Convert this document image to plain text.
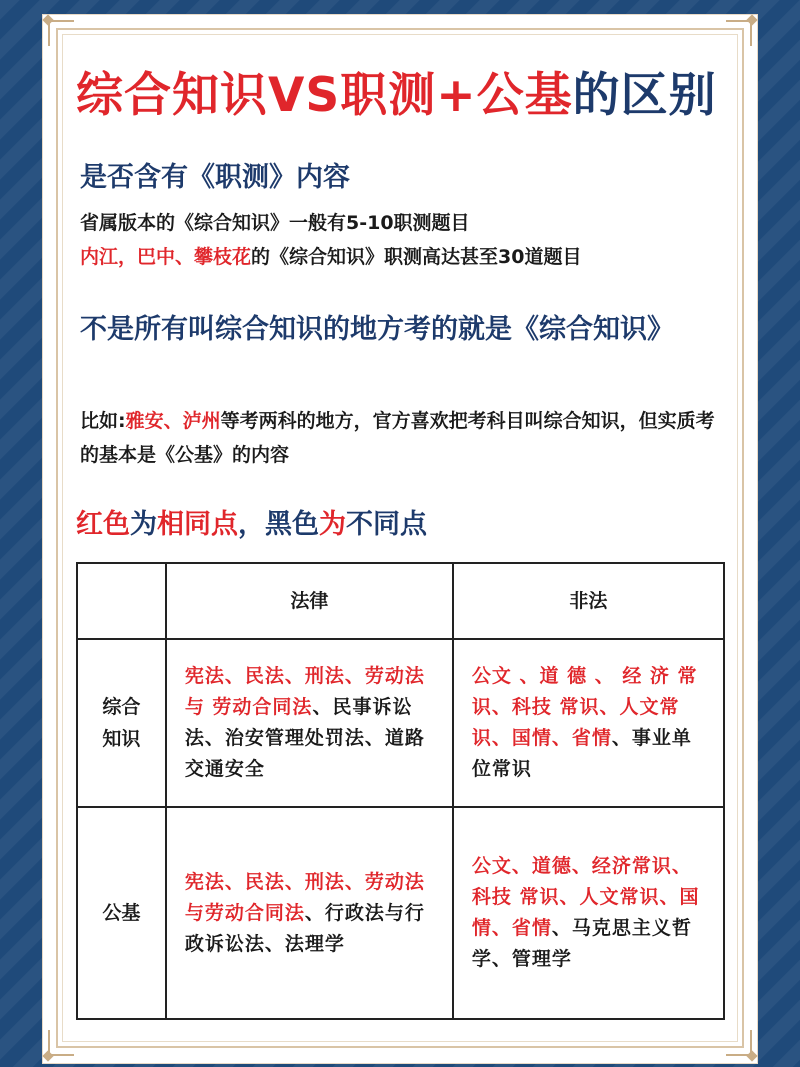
综合知识VS职测+公基的区别
是否含有《职测》内容
省属版本的《综合知识》一般有5-10职测题目
内江，巴中、攀枝花的《综合知识》职测高达甚至30道题目
不是所有叫综合知识的地方考的就是《综合知识》
比如:雅安、泸州等考两科的地方，官方喜欢把考科目叫综合知识，但实质考的基本是《公基》的内容
红色为相同点，黑色为不同点
	法律	非法

综合知识	宪法、民法、刑法、劳动法与 劳动合同法、民事诉讼法、治安管理处罚法、道路交通安全	公文 、道 德 、 经 济 常识、科技 常识、人文常识、国情、省情、事业单位常识
公基	宪法、民法、刑法、劳动法与劳动合同法、行政法与行政诉讼法、法理学	公文、道德、经济常识、科技 常识、人文常识、国情、省情、马克思主义哲学、管理学
